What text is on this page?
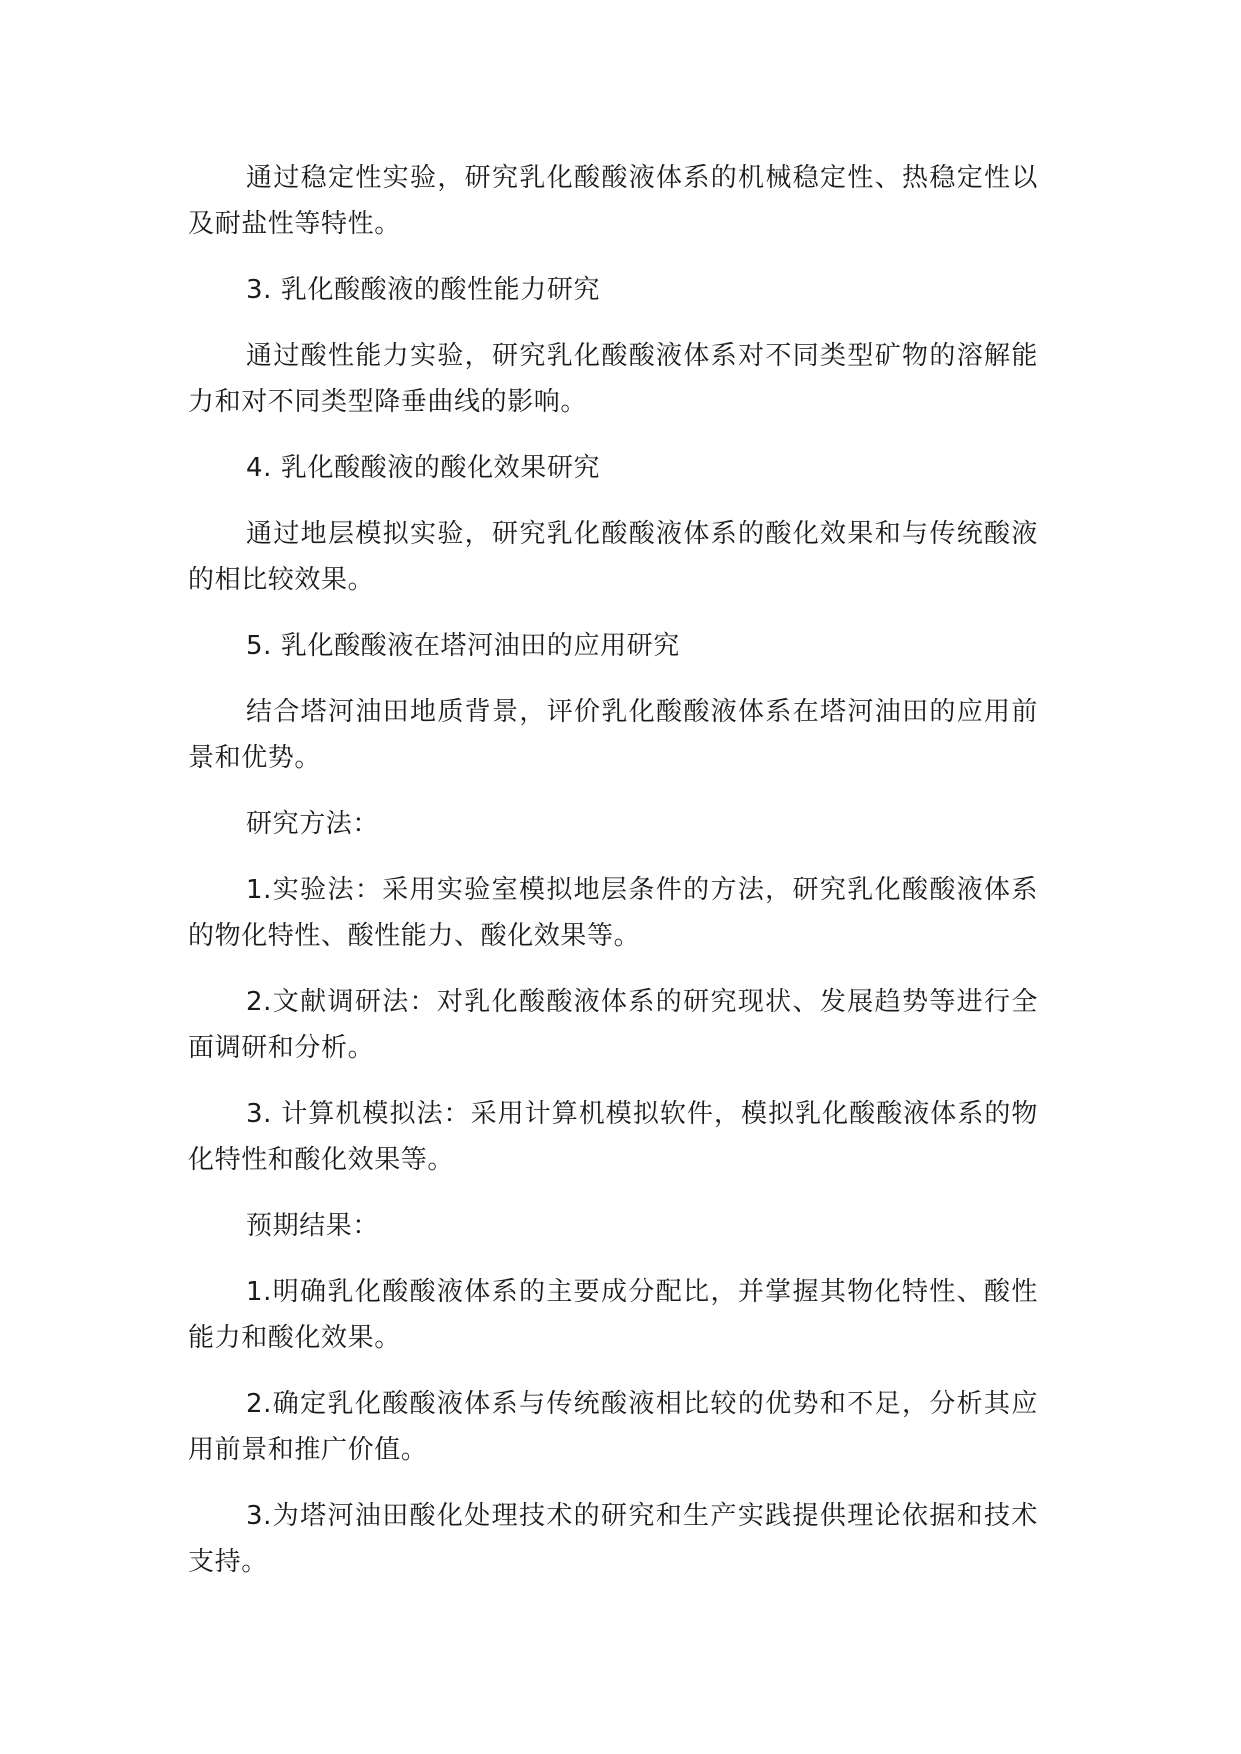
通过稳定性实验，研究乳化酸酸液体系的机械稳定性、热稳定性以及耐盐性等特性。

3. 乳化酸酸液的酸性能力研究

通过酸性能力实验，研究乳化酸酸液体系对不同类型矿物的溶解能力和对不同类型降垂曲线的影响。

4. 乳化酸酸液的酸化效果研究

通过地层模拟实验，研究乳化酸酸液体系的酸化效果和与传统酸液的相比较效果。

5. 乳化酸酸液在塔河油田的应用研究

结合塔河油田地质背景，评价乳化酸酸液体系在塔河油田的应用前景和优势。

研究方法：

1.实验法：采用实验室模拟地层条件的方法，研究乳化酸酸液体系的物化特性、酸性能力、酸化效果等。

2.文献调研法：对乳化酸酸液体系的研究现状、发展趋势等进行全面调研和分析。

3. 计算机模拟法：采用计算机模拟软件，模拟乳化酸酸液体系的物化特性和酸化效果等。

预期结果：

1.明确乳化酸酸液体系的主要成分配比，并掌握其物化特性、酸性能力和酸化效果。

2.确定乳化酸酸液体系与传统酸液相比较的优势和不足，分析其应用前景和推广价值。

3.为塔河油田酸化处理技术的研究和生产实践提供理论依据和技术支持。
